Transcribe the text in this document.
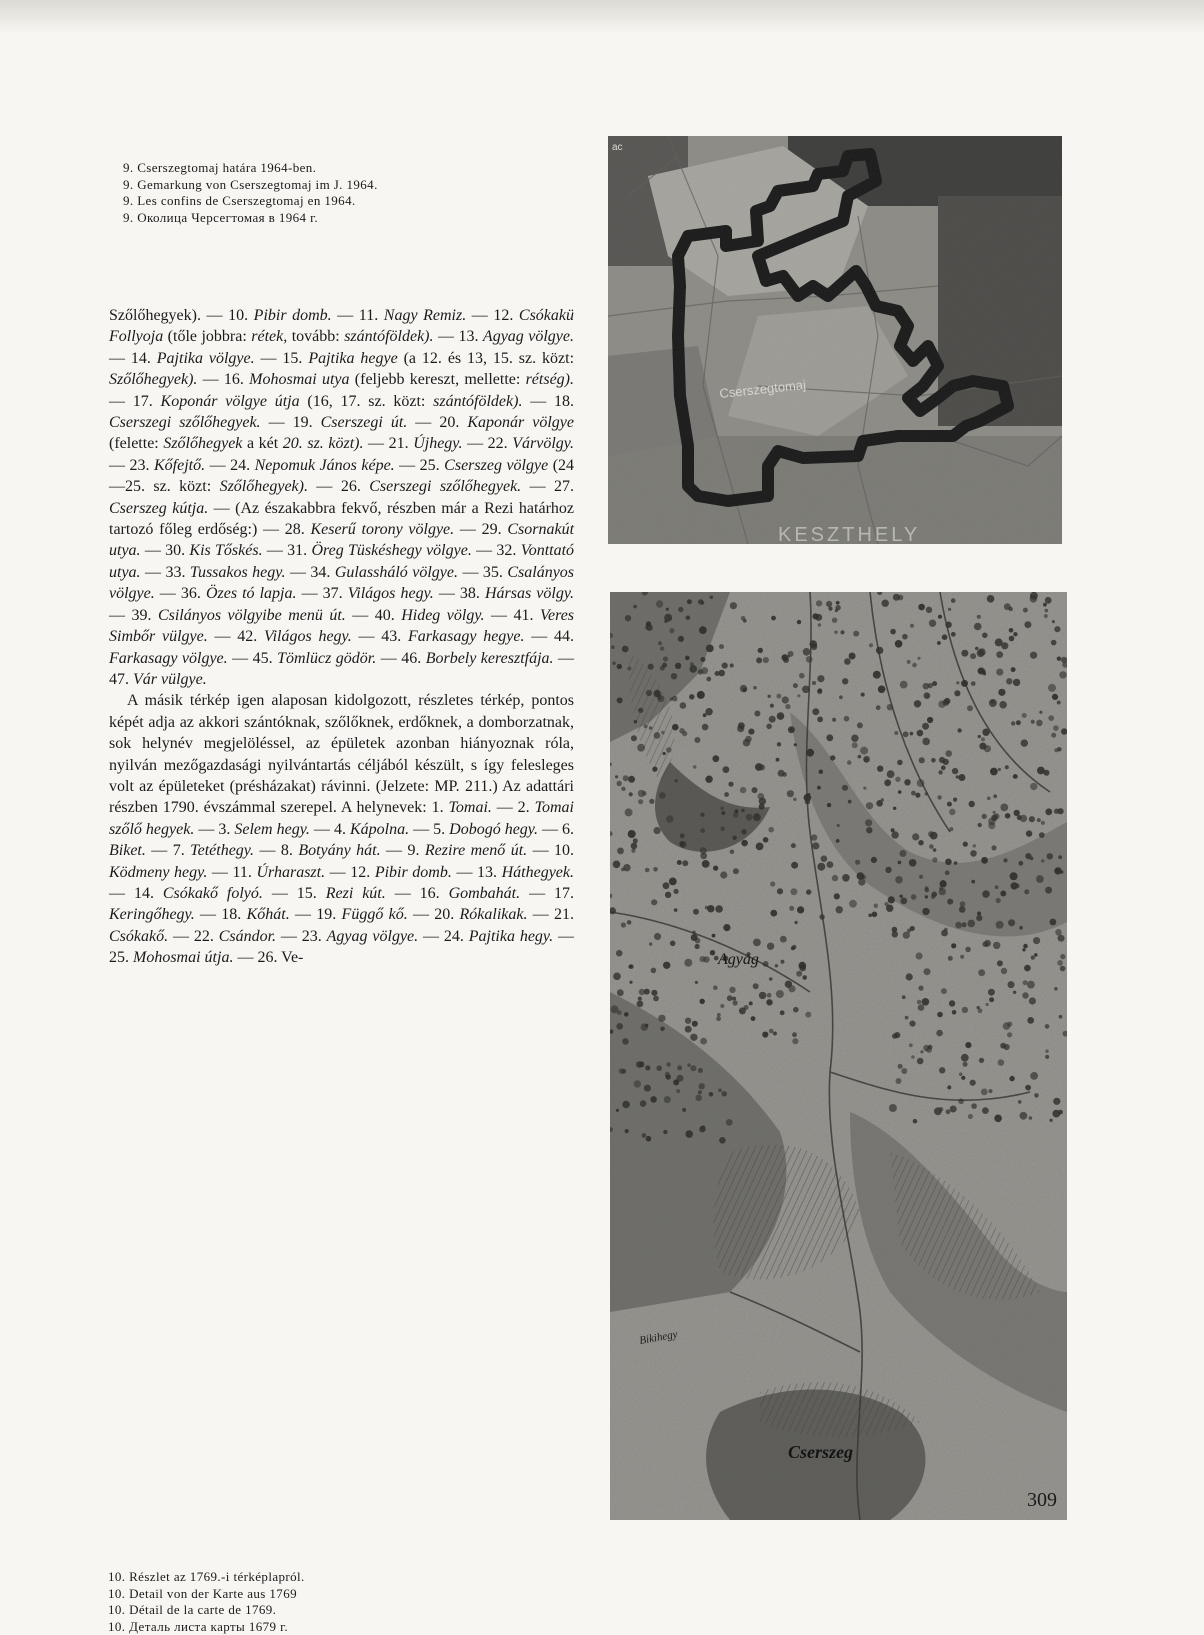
9. Cserszegtomaj határa 1964-ben.
9. Gemarkung von Cserszegtomaj im J. 1964.
9. Les confins de Cserszegtomaj en 1964.
9. Околица Черсегтомая в 1964 г.

Szőlőhegyek). — 10. Pibir domb. — 11. Nagy Remiz. — 12. Csókakü Follyoja (tőle jobbra: rétek, tovább: szántóföldek). — 13. Agyag völgye. — 14. Pajtika völgye. — 15. Pajtika hegye (a 12. és 13, 15. sz. közt: Szőlőhegyek). — 16. Mohosmai utya (feljebb kereszt, mellette: rétség). — 17. Koponár völgye útja (16, 17. sz. közt: szántóföldek). — 18. Cserszegi szőlőhegyek. — 19. Cserszegi út. — 20. Kaponár völgye (felette: Szőlőhegyek a két 20. sz. közt). — 21. Újhegy. — 22. Várvölgy. — 23. Kőfejtő. — 24. Nepomuk János képe. — 25. Cserszeg völgye (24—25. sz. közt: Szőlőhegyek). — 26. Cserszegi szőlőhegyek. — 27. Cserszeg kútja. — (Az északabbra fekvő, részben már a Rezi határhoz tartozó főleg erdőség:) — 28. Keserű torony völgye. — 29. Csornakút utya. — 30. Kis Tőskés. — 31. Öreg Tüskéshegy völgye. — 32. Vonttató utya. — 33. Tussakos hegy. — 34. Gulassháló völgye. — 35. Csalányos völgye. — 36. Özes tó lapja. — 37. Világos hegy. — 38. Hársas völgy. — 39. Csilányos völgyibe menü út. — 40. Hideg völgy. — 41. Veres Simbőr vülgye. — 42. Világos hegy. — 43. Farkasagy hegye. — 44. Farkasagy völgye. — 45. Tömlücz gödör. — 46. Borbely keresztfája. — 47. Vár vülgye.

A másik térkép igen alaposan kidolgozott, részletes térkép, pontos képét adja az akkori szántóknak, szőlőknek, erdőknek, a domborzatnak, sok helynév megjelöléssel, az épületek azonban hiányoznak róla, nyilván mezőgazdasági nyilvántartás céljából készült, s így felesleges volt az épületeket (présházakat) rávinni. (Jelzete: MP. 211.) Az adattári részben 1790. évszámmal szerepel. A helynevek: 1. Tomai. — 2. Tomai szőlő hegyek. — 3. Selem hegy. — 4. Kápolna. — 5. Dobogó hegy. — 6. Biket. — 7. Tetéthegy. — 8. Botyány hát. — 9. Rezire menő út. — 10. Ködmeny hegy. — 11. Úrharaszt. — 12. Pibir domb. — 13. Háthegyek. — 14. Csókakő folyó. — 15. Rezi kút. — 16. Gombahát. — 17. Keringőhegy. — 18. Kőhát. — 19. Függő kő. — 20. Rókalikak. — 21. Csókakő. — 22. Csándor. — 23. Agyag völgye. — 24. Pajtika hegy. — 25. Mohosmai útja. — 26. Ve-

Cserszegtomaj
KESZTHELY
ac
Agyag
Cserszeg
Bikihegy
10. Részlet az 1769.-i térképlapról.
10. Detail von der Karte aus 1769
10. Détail de la carte de 1769.
10. Деталь листа карты 1679 г.
309
